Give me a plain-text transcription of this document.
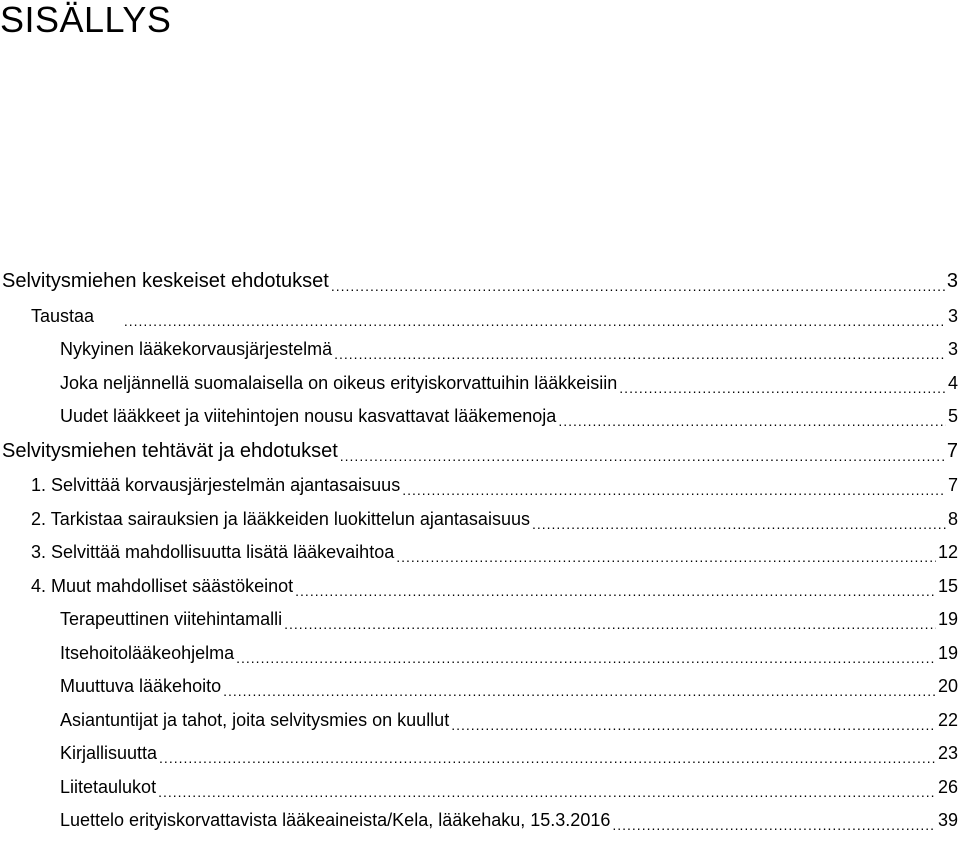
SISÄLLYS
Selvitysmiehen keskeiset ehdotukset .....	3
Taustaa .....	3
Nykyinen lääkekorvausjärjestelmä .....	3
Joka neljännellä suomalaisella on oikeus erityiskorvattuihin lääkkeisiin .....	4
Uudet lääkkeet ja viitehintojen nousu kasvattavat lääkemenoja .....	5
Selvitysmiehen tehtävät ja ehdotukset .....	7
1. Selvittää korvausjärjestelmän ajantasaisuus .....	7
2. Tarkistaa sairauksien ja lääkkeiden luokittelun ajantasaisuus .....	8
3. Selvittää mahdollisuutta lisätä lääkevaihtoa .....	12
4. Muut mahdolliset säästökeinot .....	15
Terapeuttinen viitehintamalli .....	19
Itsehoitolääkeohjelma .....	19
Muuttuva lääkehoito .....	20
Asiantuntijat ja tahot, joita selvitysmies on kuullut .....	22
Kirjallisuutta .....	23
Liitetaulukot .....	26
Luettelo erityiskorvattavista lääkeaineista/Kela, lääkehaku, 15.3.2016 .....	39
